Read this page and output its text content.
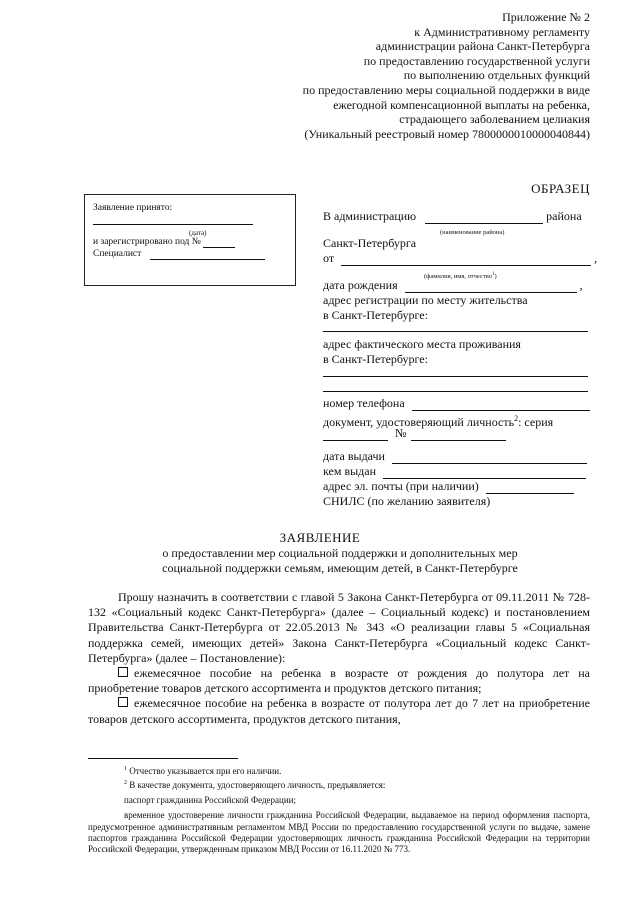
Приложение № 2
к Административному регламенту
администрации района Санкт-Петербурга
по предоставлению государственной услуги
по выполнению отдельных функций
по предоставлению меры социальной поддержки в виде
ежегодной компенсационной выплаты на ребенка,
страдающего заболеванием целиакия
(Уникальный реестровый номер 7800000010000040844)
ОБРАЗЕЦ
Заявление принято:
(дата)
и зарегистрировано под №
Специалист
В администрацию	района
(наименование района)
Санкт-Петербурга
от	,
(фамилия, имя, отчество$^1$)
дата рождения	,
адрес регистрации по месту жительства
в Санкт-Петербурге:
адрес фактического места проживания
в Санкт-Петербурге:
номер телефона
документ, удостоверяющий личность$^2$: серия
№
дата выдачи
кем выдан
адрес эл. почты (при наличии)
СНИЛС (по желанию заявителя)
ЗАЯВЛЕНИЕ
о предоставлении мер социальной поддержки и дополнительных мер
социальной поддержки семьям, имеющим детей, в Санкт-Петербурге

Прошу назначить в соответствии с главой 5 Закона Санкт-Петербурга от 09.11.2011 № 728-132 «Социальный кодекс Санкт-Петербурга» (далее – Социальный кодекс) и постановлением Правительства Санкт-Петербурга от 22.05.2013 № 343 «О реализации главы 5 «Социальная поддержка семей, имеющих детей» Закона Санкт-Петербурга «Социальный кодекс Санкт-Петербурга» (далее – Постановление):

ежемесячное пособие на ребенка в возрасте от рождения до полутора лет на приобретение товаров детского ассортимента и продуктов детского питания;

ежемесячное пособие на ребенка в возрасте от полутора лет до 7 лет на приобретение товаров детского ассортимента, продуктов детского питания,

$^1$ Отчество указывается при его наличии.

$^2$ В качестве документа, удостоверяющего личность, предъявляется:

паспорт гражданина Российской Федерации;

временное удостоверение личности гражданина Российской Федерации, выдаваемое на период оформления паспорта, предусмотренное административным регламентом МВД России по предоставлению государственной услуги по выдаче, замене паспортов гражданина Российской Федерации удостоверяющих личность гражданина Российской Федерации на территории Российской Федерации, утвержденным приказом МВД России от 16.11.2020 № 773.
